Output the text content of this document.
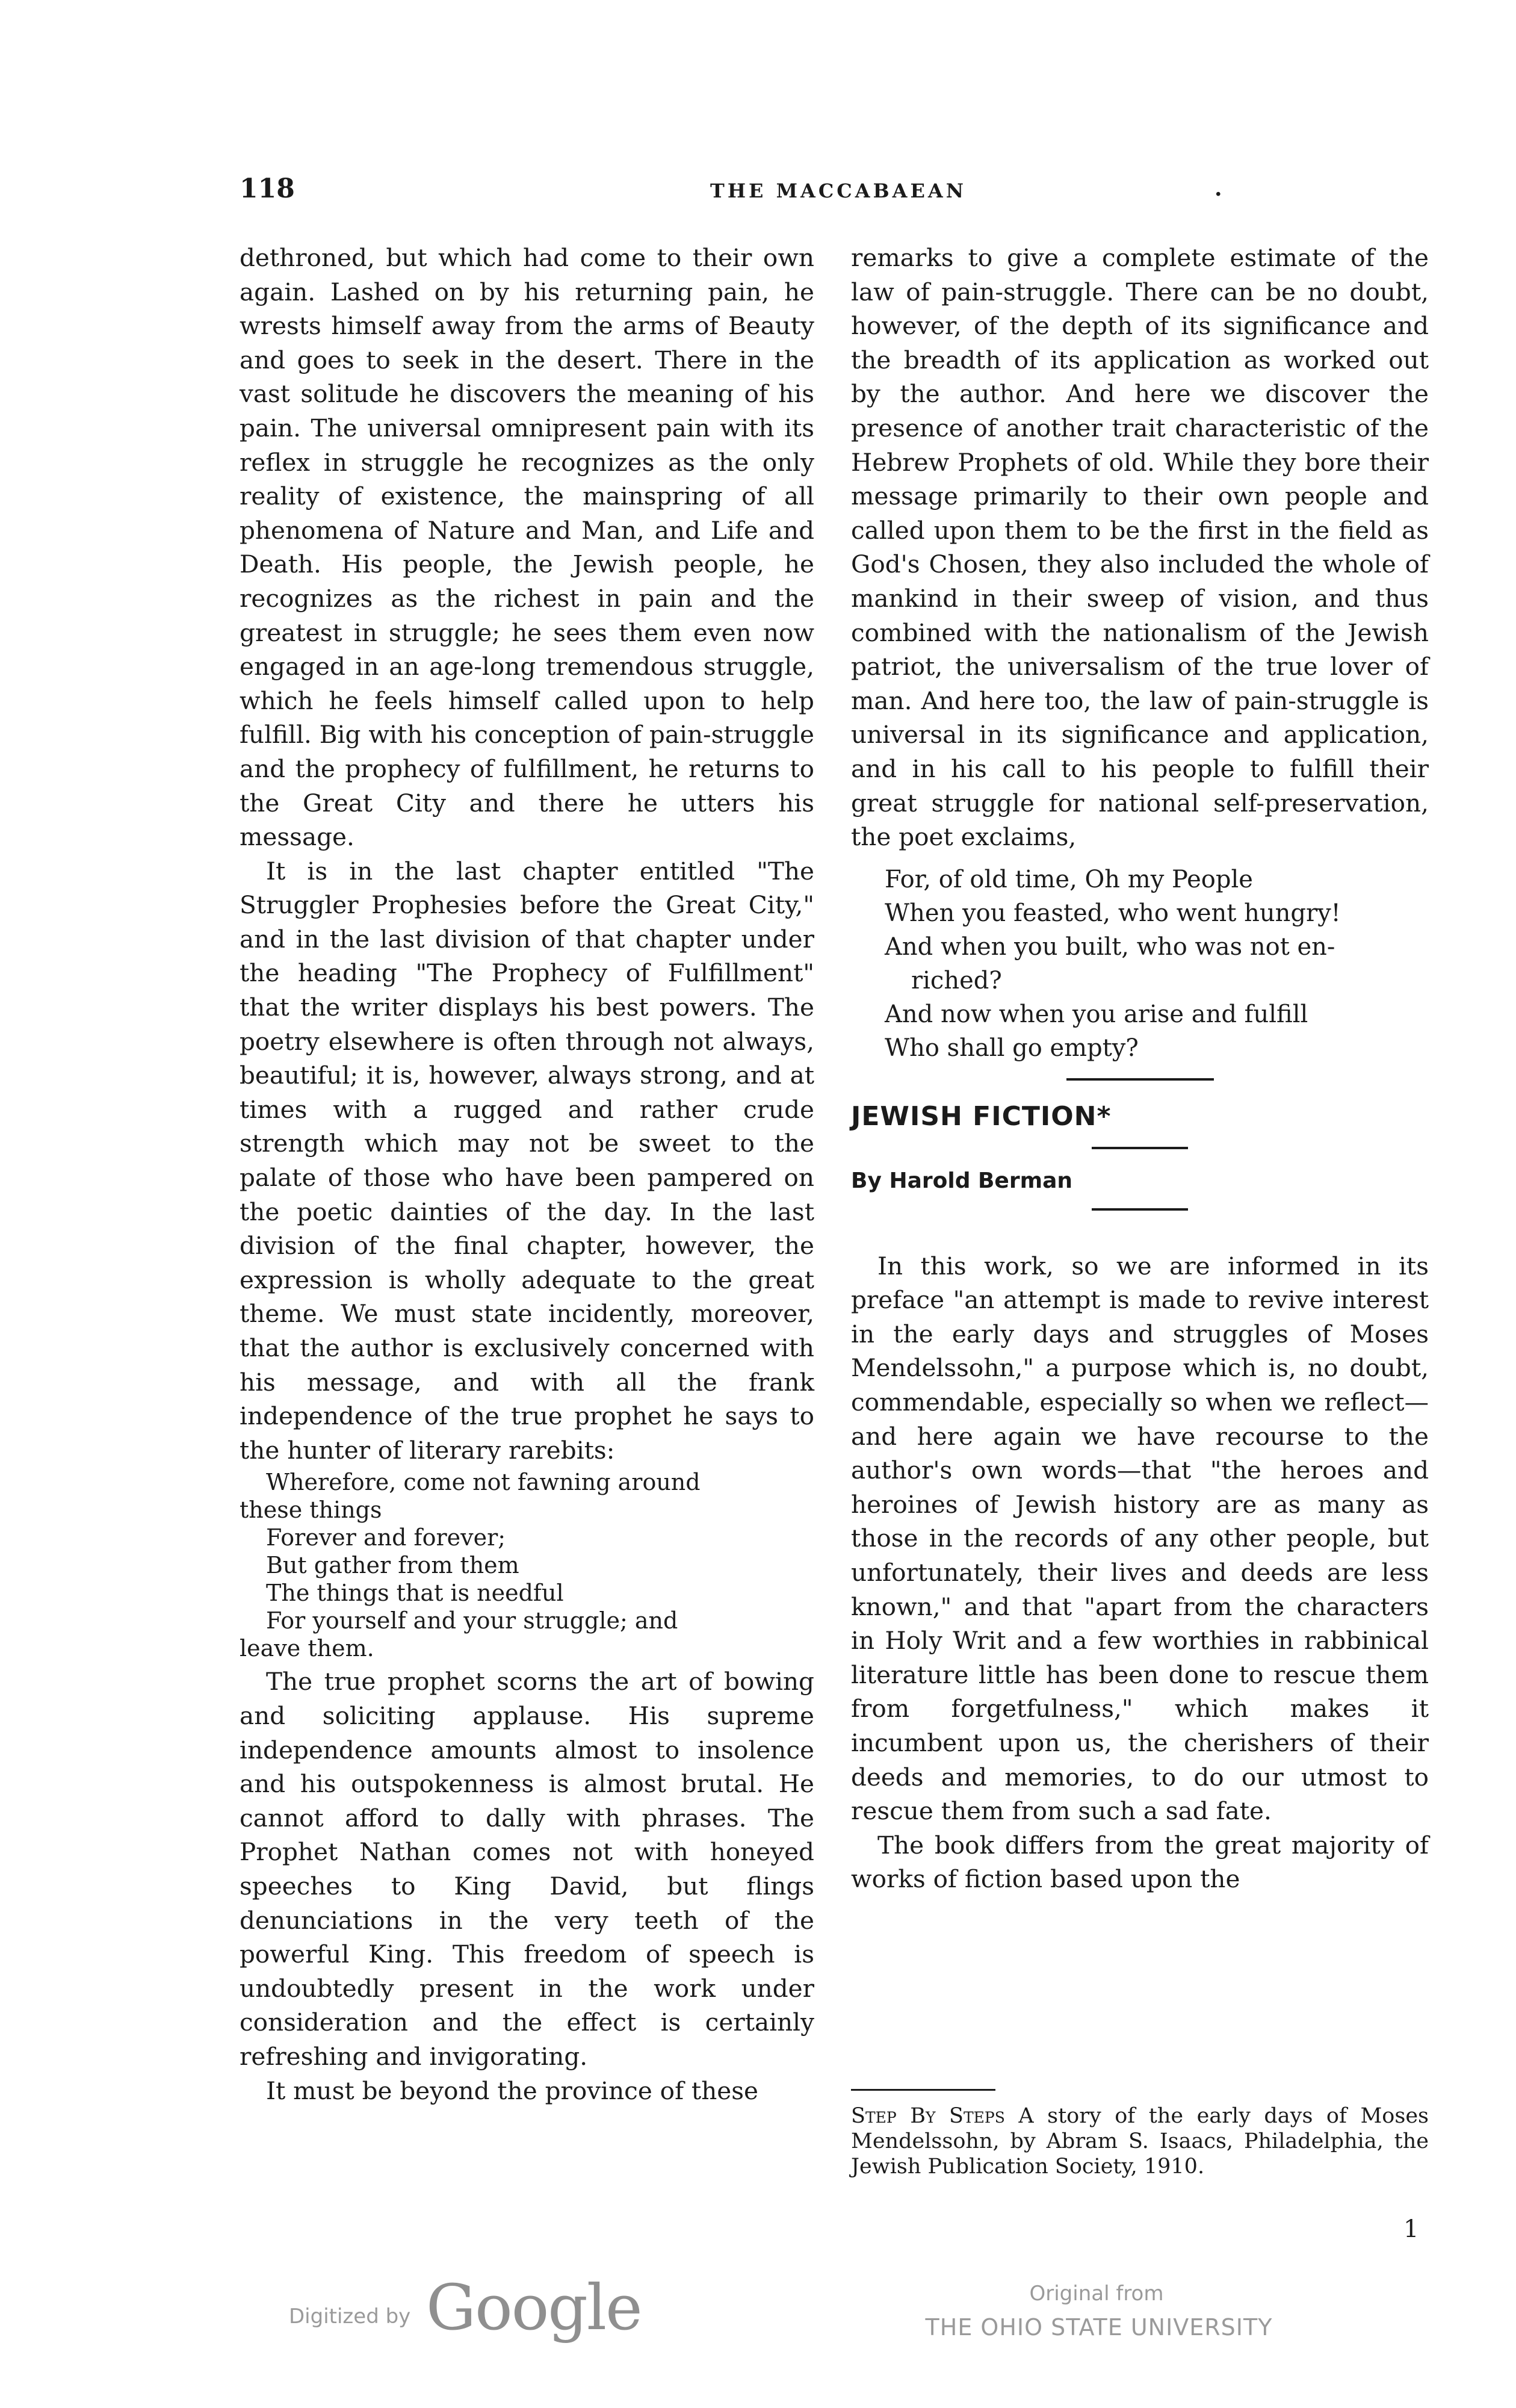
118	THE MACCABAEAN	.

dethroned, but which had come to their own again. Lashed on by his returning pain, he wrests himself away from the arms of Beauty and goes to seek in the desert. There in the vast solitude he discovers the meaning of his pain. The universal omnipresent pain with its reflex in struggle he recognizes as the only reality of existence, the mainspring of all phenomena of Nature and Man, and Life and Death. His people, the Jewish people, he recognizes as the richest in pain and the greatest in struggle; he sees them even now engaged in an age-long tremendous struggle, which he feels himself called upon to help fulfill. Big with his conception of pain-struggle and the prophecy of fulfillment, he returns to the Great City and there he utters his message.

It is in the last chapter entitled "The Struggler Prophesies before the Great City," and in the last division of that chapter under the heading "The Prophecy of Fulfillment" that the writer displays his best powers. The poetry elsewhere is often through not always, beautiful; it is, however, always strong, and at times with a rugged and rather crude strength which may not be sweet to the palate of those who have been pampered on the poetic dainties of the day. In the last division of the final chapter, however, the expression is wholly adequate to the great theme. We must state incidently, moreover, that the author is exclusively concerned with his message, and with all the frank independence of the true prophet he says to the hunter of literary rarebits:

Wherefore, come not fawning around
these things
Forever and forever;
But gather from them
The things that is needful
For yourself and your struggle; and
leave them.

The true prophet scorns the art of bowing and soliciting applause. His supreme independence amounts almost to insolence and his outspokenness is almost brutal. He cannot afford to dally with phrases. The Prophet Nathan comes not with honeyed speeches to King David, but flings denunciations in the very teeth of the powerful King. This freedom of speech is undoubtedly present in the work under consideration and the effect is certainly refreshing and invigorating.

It must be beyond the province of these

remarks to give a complete estimate of the law of pain-struggle. There can be no doubt, however, of the depth of its significance and the breadth of its application as worked out by the author. And here we discover the presence of another trait characteristic of the Hebrew Prophets of old. While they bore their message primarily to their own people and called upon them to be the first in the field as God's Chosen, they also included the whole of mankind in their sweep of vision, and thus combined with the nationalism of the Jewish patriot, the universalism of the true lover of man. And here too, the law of pain-struggle is universal in its significance and application, and in his call to his people to fulfill their great struggle for national self-preservation, the poet exclaims,

For, of old time, Oh my People
When you feasted, who went hungry!
And when you built, who was not en-
riched?
And now when you arise and fulfill
Who shall go empty?

JEWISH FICTION*

By Harold Berman

In this work, so we are informed in its preface "an attempt is made to revive interest in the early days and struggles of Moses Mendelssohn," a purpose which is, no doubt, commendable, especially so when we reflect—and here again we have recourse to the author's own words—that "the heroes and heroines of Jewish history are as many as those in the records of any other people, but unfortunately, their lives and deeds are less known," and that "apart from the characters in Holy Writ and a few worthies in rabbinical literature little has been done to rescue them from forgetfulness," which makes it incumbent upon us, the cherishers of their deeds and memories, to do our utmost to rescue them from such a sad fate.

The book differs from the great majority of works of fiction based upon the

Step By Steps A story of the early days of Moses Mendelssohn, by Abram S. Isaacs, Philadelphia, the Jewish Publication Society, 1910.

1
Digitized by Google	Original from
THE OHIO STATE UNIVERSITY
